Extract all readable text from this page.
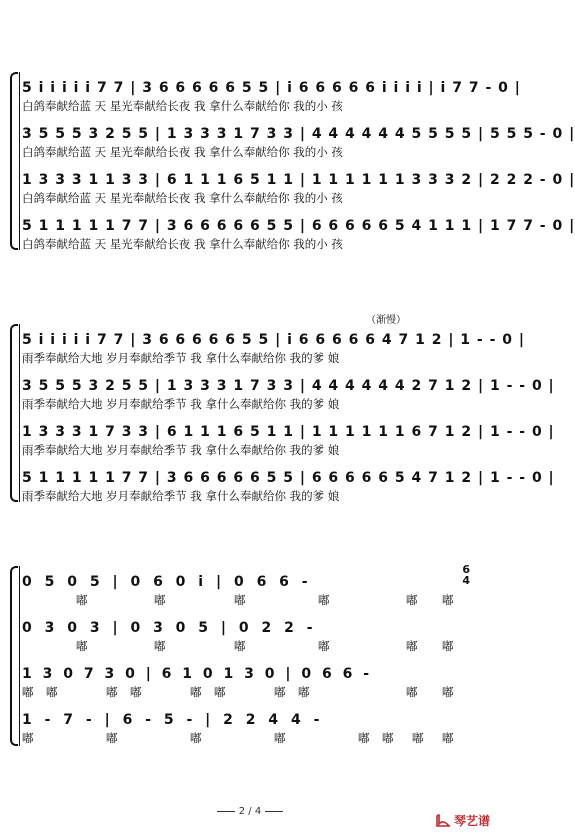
5 i i i i i 7 7 | 3 6 6 6 6 6 5 5 | i 6 6 6 6 6 i i i i | i 7 7 - 0 |
白鸽奉献给蓝 天 星光奉献给长夜 我 拿什么奉献给你 我的小 孩
3 5 5 5 3 2 5 5 | 1 3 3 3 1 7 3 3 | 4 4 4 4 4 4 5 5 5 5 | 5 5 5 - 0 |
白鸽奉献给蓝 天 星光奉献给长夜 我 拿什么奉献给你 我的小 孩
1 3 3 3 1 1 3 3 | 6 1 1 1 6 5 1 1 | 1 1 1 1 1 1 3 3 3 2 | 2 2 2 - 0 |
白鸽奉献给蓝 天 星光奉献给长夜 我 拿什么奉献给你 我的小 孩
5 1 1 1 1 1 7 7 | 3 6 6 6 6 6 5 5 | 6 6 6 6 6 5 4 1 1 1 | 1 7 7 - 0 |
白鸽奉献给蓝 天 星光奉献给长夜 我 拿什么奉献给你 我的小 孩
（渐慢）
5 i i i i i 7 7 | 3 6 6 6 6 6 5 5 | i 6 6 6 6 6 4 7 1 2 | 1 - - 0 |
雨季奉献给大地 岁月奉献给季节 我 拿什么奉献给你 我的爹 娘
3 5 5 5 3 2 5 5 | 1 3 3 3 1 7 3 3 | 4 4 4 4 4 4 2 7 1 2 | 1 - - 0 |
雨季奉献给大地 岁月奉献给季节 我 拿什么奉献给你 我的爹 娘
1 3 3 3 1 7 3 3 | 6 1 1 1 6 5 1 1 | 1 1 1 1 1 1 6 7 1 2 | 1 - - 0 |
雨季奉献给大地 岁月奉献给季节 我 拿什么奉献给你 我的爹 娘
5 1 1 1 1 1 7 7 | 3 6 6 6 6 6 5 5 | 6 6 6 6 6 5 4 7 1 2 | 1 - - 0 |
雨季奉献给大地 岁月奉献给季节 我 拿什么奉献给你 我的爹 娘
0 5 0 5 | 0 6 0 i | 0 6 6 -
6
4
嘟	嘟	嘟	嘟	嘟 嘟
0 3 0 3 | 0 3 0 5 | 0 2 2 -
嘟	嘟	嘟	嘟	嘟 嘟
1 3 0 7 3 0 | 6 1 0 1 3 0 | 0 6 6 -
嘟 嘟	嘟 嘟	嘟 嘟	嘟 嘟	嘟 嘟
1 - 7 - | 6 - 5 - | 2 2 4 4 -
嘟	嘟	嘟	嘟	嘟 嘟 嘟 嘟
2 / 4
琴艺谱
